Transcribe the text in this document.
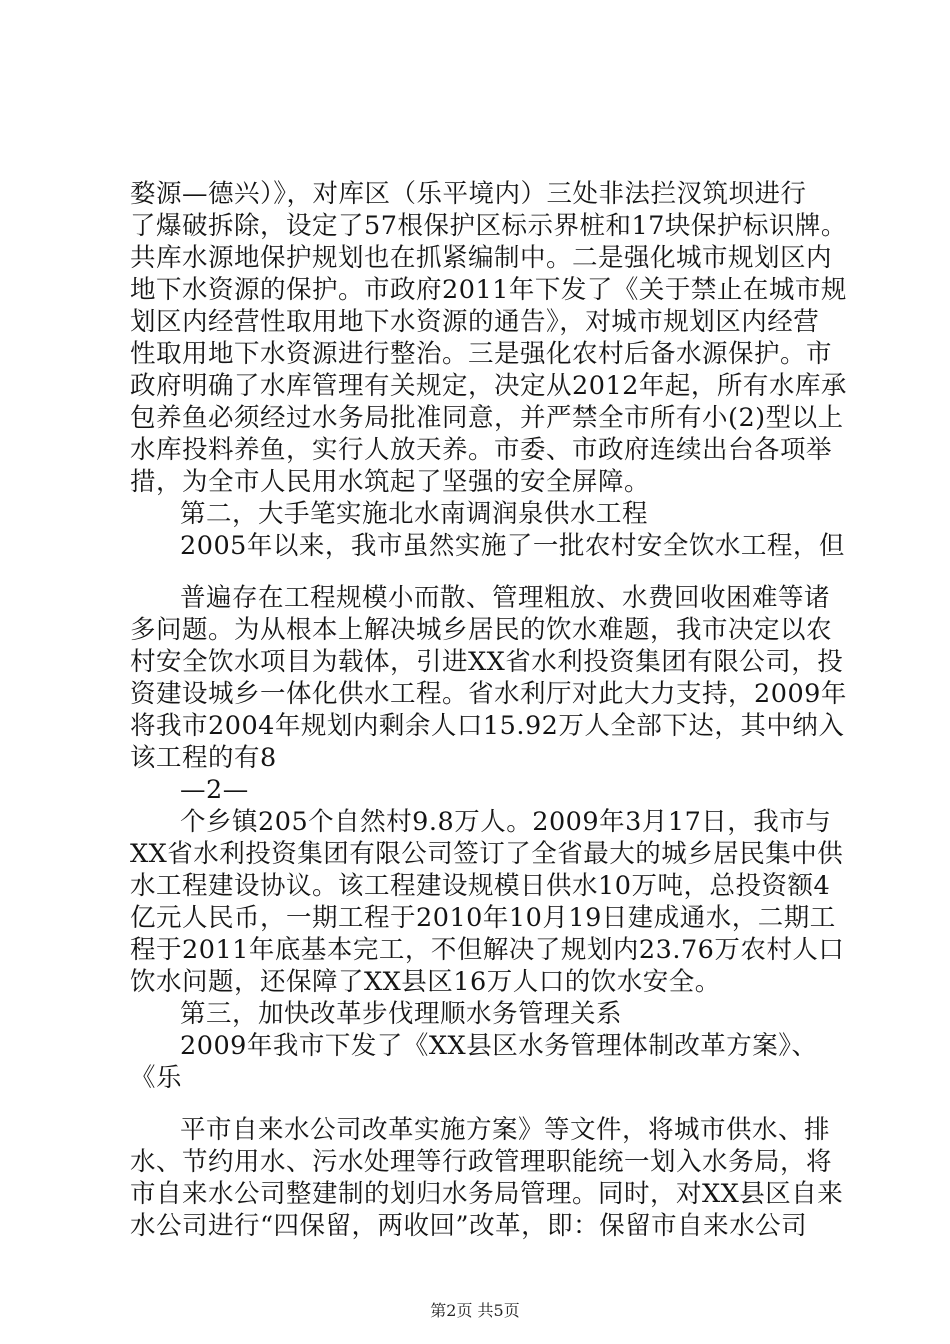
婺源—德兴）》，对库区（乐平境内）三处非法拦汊筑坝进行

了爆破拆除，设定了57根保护区标示界桩和17块保护标识牌。

共库水源地保护规划也在抓紧编制中。二是强化城市规划区内

地下水资源的保护。市政府2011年下发了《关于禁止在城市规

划区内经营性取用地下水资源的通告》，对城市规划区内经营

性取用地下水资源进行整治。三是强化农村后备水源保护。市

政府明确了水库管理有关规定，决定从2012年起，所有水库承

包养鱼必须经过水务局批准同意，并严禁全市所有小(2)型以上

水库投料养鱼，实行人放天养。市委、市政府连续出台各项举

措，为全市人民用水筑起了坚强的安全屏障。

第二，大手笔实施北水南调润泉供水工程

2005年以来，我市虽然实施了一批农村安全饮水工程，但

普遍存在工程规模小而散、管理粗放、水费回收困难等诸

多问题。为从根本上解决城乡居民的饮水难题，我市决定以农

村安全饮水项目为载体，引进XX省水利投资集团有限公司，投

资建设城乡一体化供水工程。省水利厅对此大力支持，2009年

将我市2004年规划内剩余人口15.92万人全部下达，其中纳入

该工程的有8

—2—

个乡镇205个自然村9.8万人。2009年3月17日，我市与

XX省水利投资集团有限公司签订了全省最大的城乡居民集中供

水工程建设协议。该工程建设规模日供水10万吨，总投资额4

亿元人民币，一期工程于2010年10月19日建成通水，二期工

程于2011年底基本完工，不但解决了规划内23.76万农村人口

饮水问题，还保障了XX县区16万人口的饮水安全。

第三，加快改革步伐理顺水务管理关系

2009年我市下发了《XX县区水务管理体制改革方案》、

《乐

平市自来水公司改革实施方案》等文件，将城市供水、排

水、节约用水、污水处理等行政管理职能统一划入水务局，将

市自来水公司整建制的划归水务局管理。同时，对XX县区自来

水公司进行“四保留，两收回”改革，即：保留市自来水公司

第2页 共5页
